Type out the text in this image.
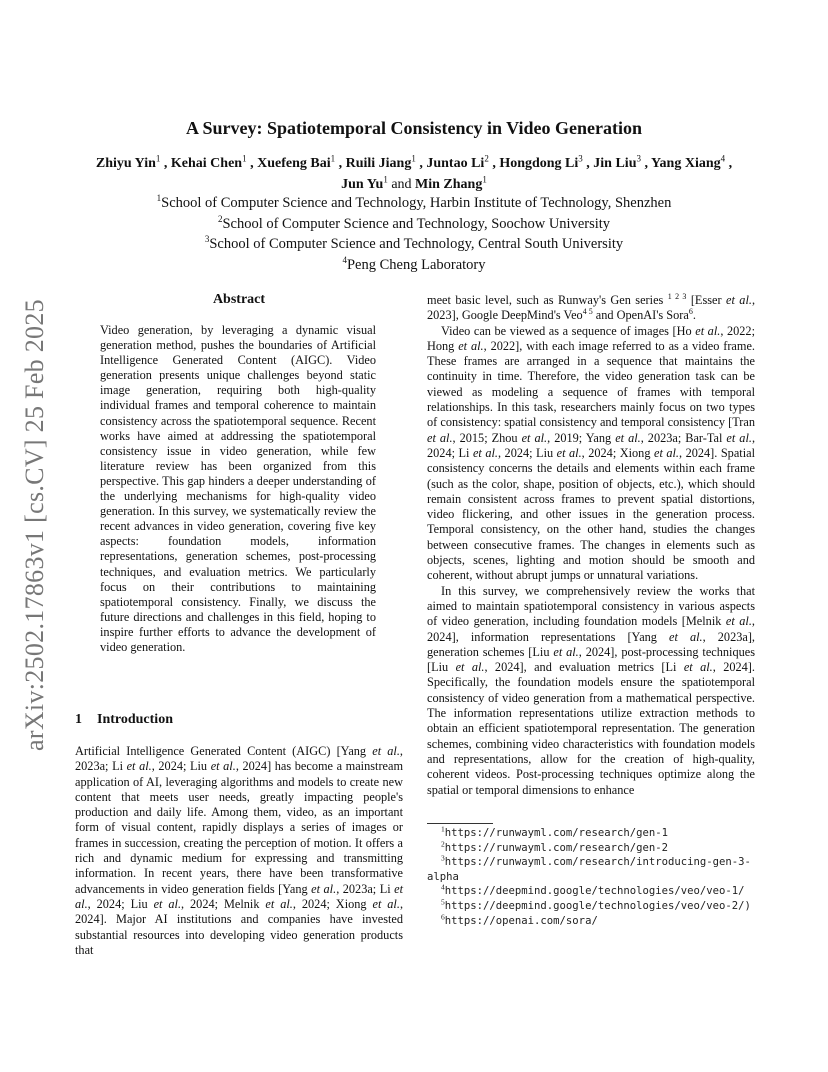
arXiv:2502.17863v1 [cs.CV] 25 Feb 2025
A Survey: Spatiotemporal Consistency in Video Generation
Zhiyu Yin$^1$ , Kehai Chen$^1$ , Xuefeng Bai$^1$ , Ruili Jiang$^1$ , Juntao Li$^2$ , Hongdong Li$^3$ , Jin Liu$^3$ , Yang Xiang$^4$ , Jun Yu$^1$ and Min Zhang$^1$
$^1$School of Computer Science and Technology, Harbin Institute of Technology, Shenzhen
$^2$School of Computer Science and Technology, Soochow University
$^3$School of Computer Science and Technology, Central South University
$^4$Peng Cheng Laboratory
Abstract

Video generation, by leveraging a dynamic visual generation method, pushes the boundaries of Artificial Intelligence Generated Content (AIGC). Video generation presents unique challenges beyond static image generation, requiring both high-quality individual frames and temporal coherence to maintain consistency across the spatiotemporal sequence. Recent works have aimed at addressing the spatiotemporal consistency issue in video generation, while few literature review has been organized from this perspective. This gap hinders a deeper understanding of the underlying mechanisms for high-quality video generation. In this survey, we systematically review the recent advances in video generation, covering five key aspects: foundation models, information representations, generation schemes, post-processing techniques, and evaluation metrics. We particularly focus on their contributions to maintaining spatiotemporal consistency. Finally, we discuss the future directions and challenges in this field, hoping to inspire further efforts to advance the development of video generation.

1 Introduction

Artificial Intelligence Generated Content (AIGC) [Yang et al., 2023a; Li et al., 2024; Liu et al., 2024] has become a mainstream application of AI, leveraging algorithms and models to create new content that meets user needs, greatly impacting people's production and daily life. Among them, video, as an important form of visual content, rapidly displays a series of images or frames in succession, creating the perception of motion. It offers a rich and dynamic medium for expressing and transmitting information. In recent years, there have been transformative advancements in video generation fields [Yang et al., 2023a; Li et al., 2024; Liu et al., 2024; Melnik et al., 2024; Xiong et al., 2024]. Major AI institutions and companies have invested substantial resources into developing video generation products that

meet basic level, such as Runway's Gen series $^{1 2 3}$ [Esser et al., 2023], Google DeepMind's Veo$^{4 5}$ and OpenAI's Sora$^6$.

Video can be viewed as a sequence of images [Ho et al., 2022; Hong et al., 2022], with each image referred to as a video frame. These frames are arranged in a sequence that maintains the continuity in time. Therefore, the video generation task can be viewed as modeling a sequence of frames with temporal relationships. In this task, researchers mainly focus on two types of consistency: spatial consistency and temporal consistency [Tran et al., 2015; Zhou et al., 2019; Yang et al., 2023a; Bar-Tal et al., 2024; Li et al., 2024; Liu et al., 2024; Xiong et al., 2024]. Spatial consistency concerns the details and elements within each frame (such as the color, shape, position of objects, etc.), which should remain consistent across frames to prevent spatial distortions, video flickering, and other issues in the generation process. Temporal consistency, on the other hand, studies the changes between consecutive frames. The changes in elements such as objects, scenes, lighting and motion should be smooth and coherent, without abrupt jumps or unnatural variations.

In this survey, we comprehensively review the works that aimed to maintain spatiotemporal consistency in various aspects of video generation, including foundation models [Melnik et al., 2024], information representations [Yang et al., 2023a], generation schemes [Liu et al., 2024], post-processing techniques [Liu et al., 2024], and evaluation metrics [Li et al., 2024]. Specifically, the foundation models ensure the spatiotemporal consistency of video generation from a mathematical perspective. The information representations utilize extraction methods to obtain an efficient spatiotemporal representation. The generation schemes, combining video characteristics with foundation models and representations, allow for the creation of high-quality, coherent videos. Post-processing techniques optimize along the spatial or temporal dimensions to enhance

$^1$https://runwayml.com/research/gen-1
$^2$https://runwayml.com/research/gen-2
$^3$https://runwayml.com/research/introducing-gen-3-alpha
$^4$https://deepmind.google/technologies/veo/veo-1/
$^5$https://deepmind.google/technologies/veo/veo-2/)
$^6$https://openai.com/sora/
